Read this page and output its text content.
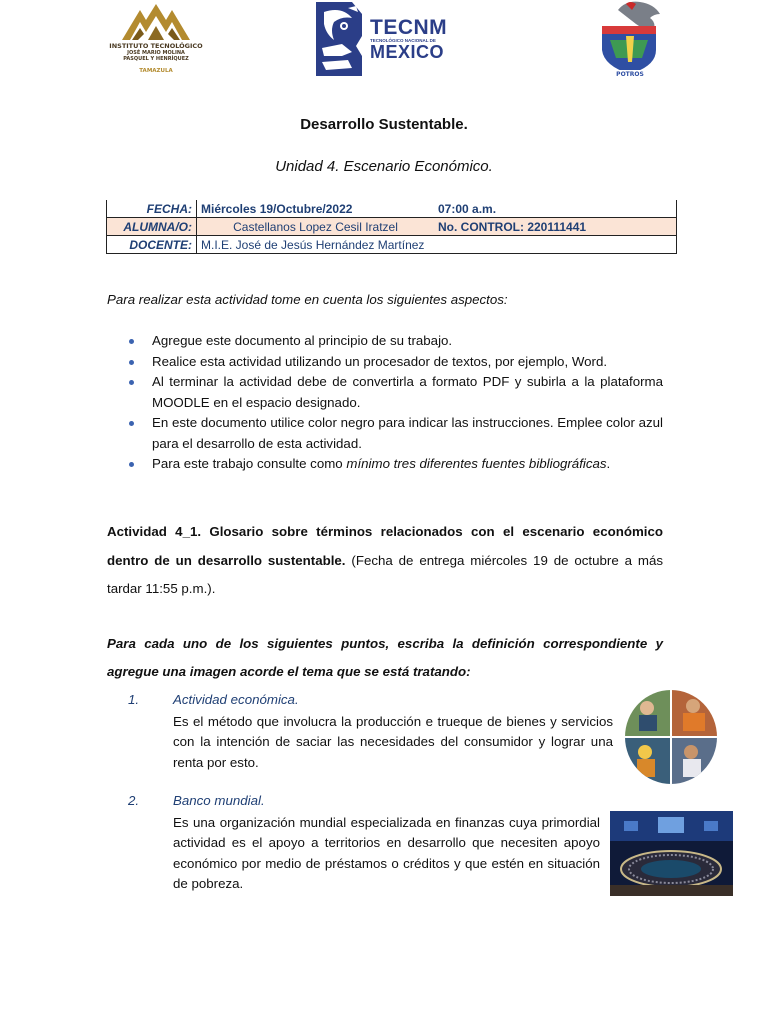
INSTITUTO TECNOLÓGICO
JOSÉ MARIO MOLINA
PASQUEL Y HENRÍQUEZ
TAMAZULA
TECNM
TECNOLÓGICO NACIONAL DE
MEXICO
POTROS
Desarrollo Sustentable.
Unidad 4. Escenario Económico.
FECHA:	Miércoles 19/Octubre/2022	07:00 a.m.
ALUMNA/O:	Castellanos Lopez Cesil Iratzel	No. CONTROL: 220111441
DOCENTE:	M.I.E. José de Jesús Hernández Martínez	
Para realizar esta actividad tome en cuenta los siguientes aspectos:
Agregue este documento al principio de su trabajo.
Realice esta actividad utilizando un procesador de textos, por ejemplo, Word.
Al terminar la actividad debe de convertirla a formato PDF y subirla a la plataforma MOODLE en el espacio designado.
En este documento utilice color negro para indicar las instrucciones. Emplee color azul para el desarrollo de esta actividad.
Para este trabajo consulte como mínimo tres diferentes fuentes bibliográficas.
Actividad 4_1. Glosario sobre términos relacionados con el escenario económico dentro de un desarrollo sustentable. (Fecha de entrega miércoles 19 de octubre a más tardar 11:55 p.m.).
Para cada uno de los siguientes puntos, escriba la definición correspondiente y agregue una imagen acorde el tema que se está tratando:
1.	Actividad económica.
Es el método que involucra la producción e trueque de bienes y servicios con la intención de saciar las necesidades del consumidor y lograr una renta por esto.
2.	Banco mundial.
Es una organización mundial especializada en finanzas cuya primordial actividad es el apoyo a territorios en desarrollo que necesiten apoyo económico por medio de préstamos o créditos y que estén en situación de pobreza.
